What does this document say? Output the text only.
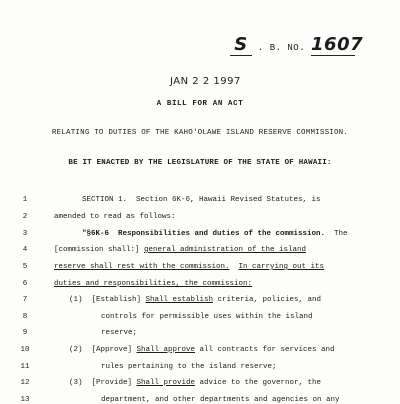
S . B. NO. 1607
JAN 2 2 1997
A BILL FOR AN ACT
RELATING TO DUTIES OF THE KAHO'OLAWE ISLAND RESERVE COMMISSION.
BE IT ENACTED BY THE LEGISLATURE OF THE STATE OF HAWAII:
1	SECTION 1.  Section 6K-6, Hawaii Revised Statutes, is
2	amended to read as follows:
3	"§6K-6  Responsibilities and duties of the commission.  The
4	[commission shall:] general administration of the island
5	reserve shall rest with the commission. In carrying out its
6	duties and responsibilities, the commission:
7	(1)  [Establish] Shall establish criteria, policies, and
8	controls for permissible uses within the island
9	reserve;
10	(2)  [Approve] Shall approve all contracts for services and
11	rules pertaining to the island reserve;
12	(3)  [Provide] Shall provide advice to the governor, the
13	department, and other departments and agencies on any
